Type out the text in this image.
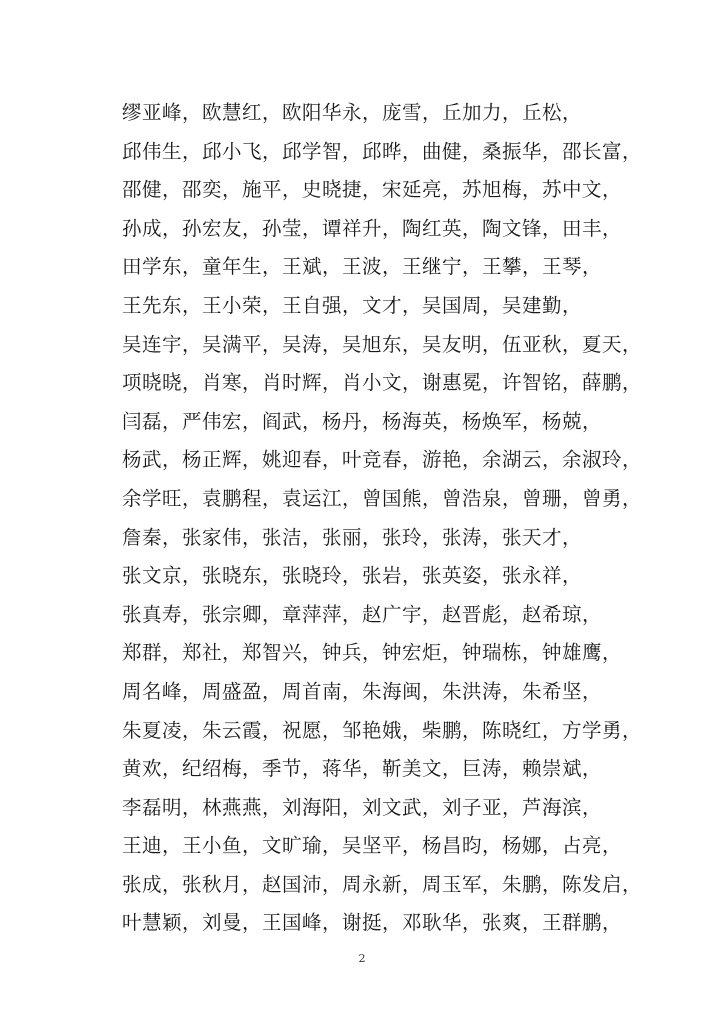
缪亚峰，欧慧红，欧阳华永，庞雪，丘加力，丘松，
邱伟生，邱小飞，邱学智，邱晔，曲健，桑振华，邵长富，
邵健，邵奕，施平，史晓捷，宋延亮，苏旭梅，苏中文，
孙成，孙宏友，孙莹，谭祥升，陶红英，陶文锋，田丰，
田学东，童年生，王斌，王波，王继宁，王攀，王琴，
王先东，王小荣，王自强，文才，吴国周，吴建勤，
吴连宇，吴满平，吴涛，吴旭东，吴友明，伍亚秋，夏天，
项晓晓，肖寒，肖时辉，肖小文，谢惠冕，许智铭，薛鹏，
闫磊，严伟宏，阎武，杨丹，杨海英，杨焕军，杨兢，
杨武，杨正辉，姚迎春，叶竞春，游艳，余湖云，余淑玲，
余学旺，袁鹏程，袁运江，曾国熊，曾浩泉，曾珊，曾勇，
詹秦，张家伟，张洁，张丽，张玲，张涛，张天才，
张文京，张晓东，张晓玲，张岩，张英姿，张永祥，
张真寿，张宗卿，章萍萍，赵广宇，赵晋彪，赵希琼，
郑群，郑社，郑智兴，钟兵，钟宏炬，钟瑞栋，钟雄鹰，
周名峰，周盛盈，周首南，朱海闽，朱洪涛，朱希坚，
朱夏凌，朱云霞，祝愿，邹艳娥，柴鹏，陈晓红，方学勇，
黄欢，纪绍梅，季节，蒋华，靳美文，巨涛，赖崇斌，
李磊明，林燕燕，刘海阳，刘文武，刘子亚，芦海滨，
王迪，王小鱼，文旷瑜，吴坚平，杨昌昀，杨娜，占亮，
张成，张秋月，赵国沛，周永新，周玉军，朱鹏，陈发启，
叶慧颖，刘曼，王国峰，谢挺，邓耿华，张爽，王群鹏，
2
